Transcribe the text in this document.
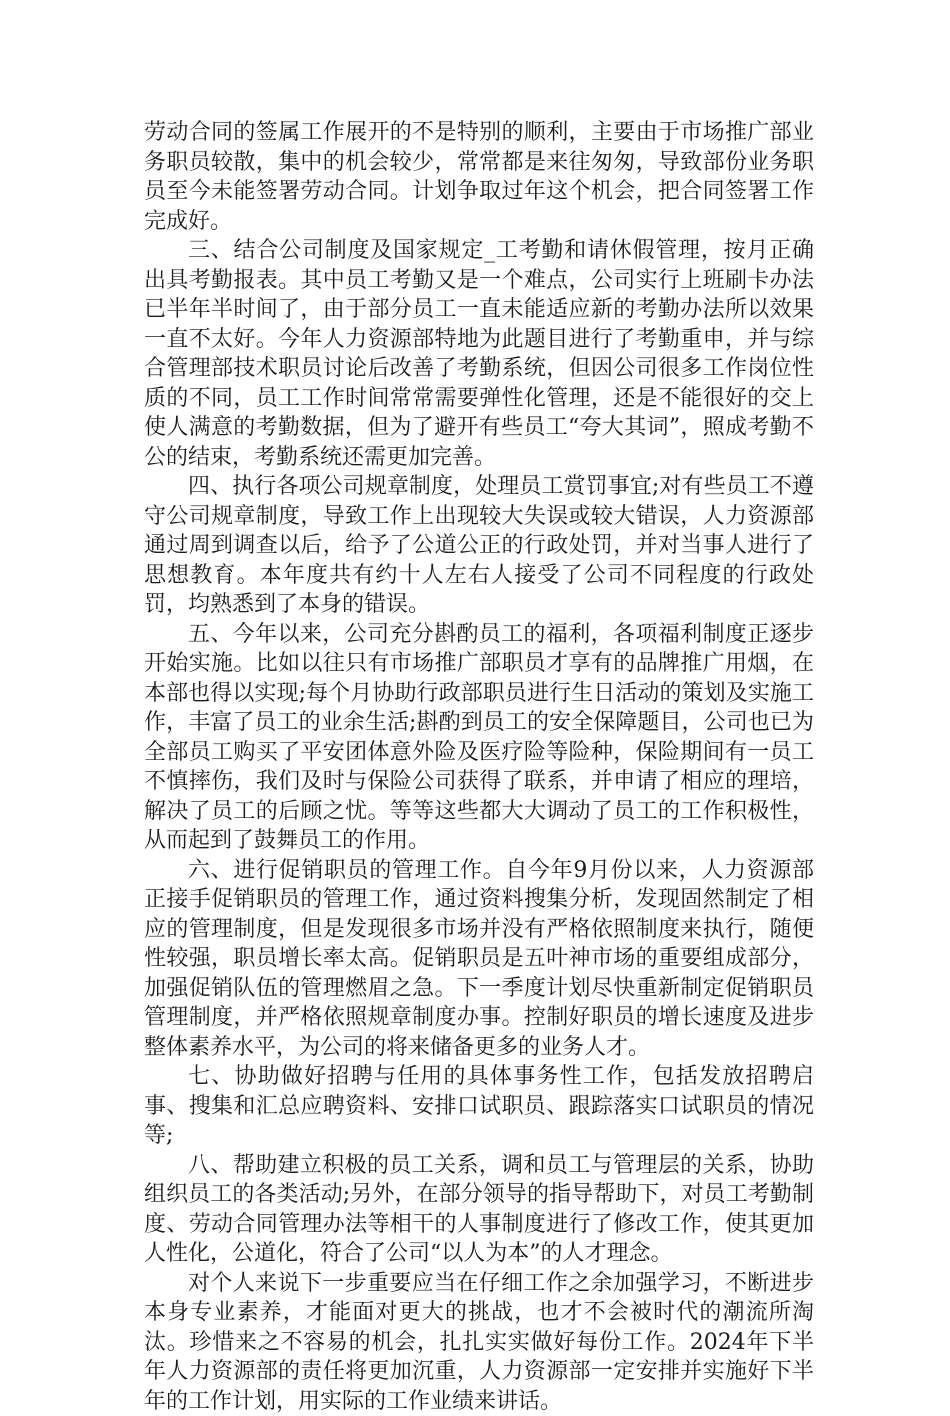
劳动合同的签属工作展开的不是特别的顺利，主要由于市场推广部业务职员较散，集中的机会较少，常常都是来往匆匆，导致部份业务职员至今未能签署劳动合同。计划争取过年这个机会，把合同签署工作完成好。

三、结合公司制度及国家规定_工考勤和请休假管理，按月正确出具考勤报表。其中员工考勤又是一个难点，公司实行上班刷卡办法已半年半时间了，由于部分员工一直未能适应新的考勤办法所以效果一直不太好。今年人力资源部特地为此题目进行了考勤重申，并与综合管理部技术职员讨论后改善了考勤系统，但因公司很多工作岗位性质的不同，员工工作时间常常需要弹性化管理，还是不能很好的交上使人满意的考勤数据，但为了避开有些员工“夸大其词”，照成考勤不公的结束，考勤系统还需更加完善。

四、执行各项公司规章制度，处理员工赏罚事宜;对有些员工不遵守公司规章制度，导致工作上出现较大失误或较大错误，人力资源部通过周到调查以后，给予了公道公正的行政处罚，并对当事人进行了思想教育。本年度共有约十人左右人接受了公司不同程度的行政处罚，均熟悉到了本身的错误。

五、今年以来，公司充分斟酌员工的福利，各项福利制度正逐步开始实施。比如以往只有市场推广部职员才享有的品牌推广用烟，在本部也得以实现;每个月协助行政部职员进行生日活动的策划及实施工作，丰富了员工的业余生活;斟酌到员工的安全保障题目，公司也已为全部员工购买了平安团体意外险及医疗险等险种，保险期间有一员工不慎摔伤，我们及时与保险公司获得了联系，并申请了相应的理培，解决了员工的后顾之忧。等等这些都大大调动了员工的工作积极性，从而起到了鼓舞员工的作用。

六、进行促销职员的管理工作。自今年9月份以来，人力资源部正接手促销职员的管理工作，通过资料搜集分析，发现固然制定了相应的管理制度，但是发现很多市场并没有严格依照制度来执行，随便性较强，职员增长率太高。促销职员是五叶神市场的重要组成部分，加强促销队伍的管理燃眉之急。下一季度计划尽快重新制定促销职员管理制度，并严格依照规章制度办事。控制好职员的增长速度及进步整体素养水平，为公司的将来储备更多的业务人才。

七、协助做好招聘与任用的具体事务性工作，包括发放招聘启事、搜集和汇总应聘资料、安排口试职员、跟踪落实口试职员的情况等;

八、帮助建立积极的员工关系，调和员工与管理层的关系，协助组织员工的各类活动;另外，在部分领导的指导帮助下，对员工考勤制度、劳动合同管理办法等相干的人事制度进行了修改工作，使其更加人性化，公道化，符合了公司“以人为本”的人才理念。

对个人来说下一步重要应当在仔细工作之余加强学习，不断进步本身专业素养，才能面对更大的挑战，也才不会被时代的潮流所淘汰。珍惜来之不容易的机会，扎扎实实做好每份工作。2024年下半年人力资源部的责任将更加沉重，人力资源部一定安排并实施好下半年的工作计划，用实际的工作业绩来讲话。
